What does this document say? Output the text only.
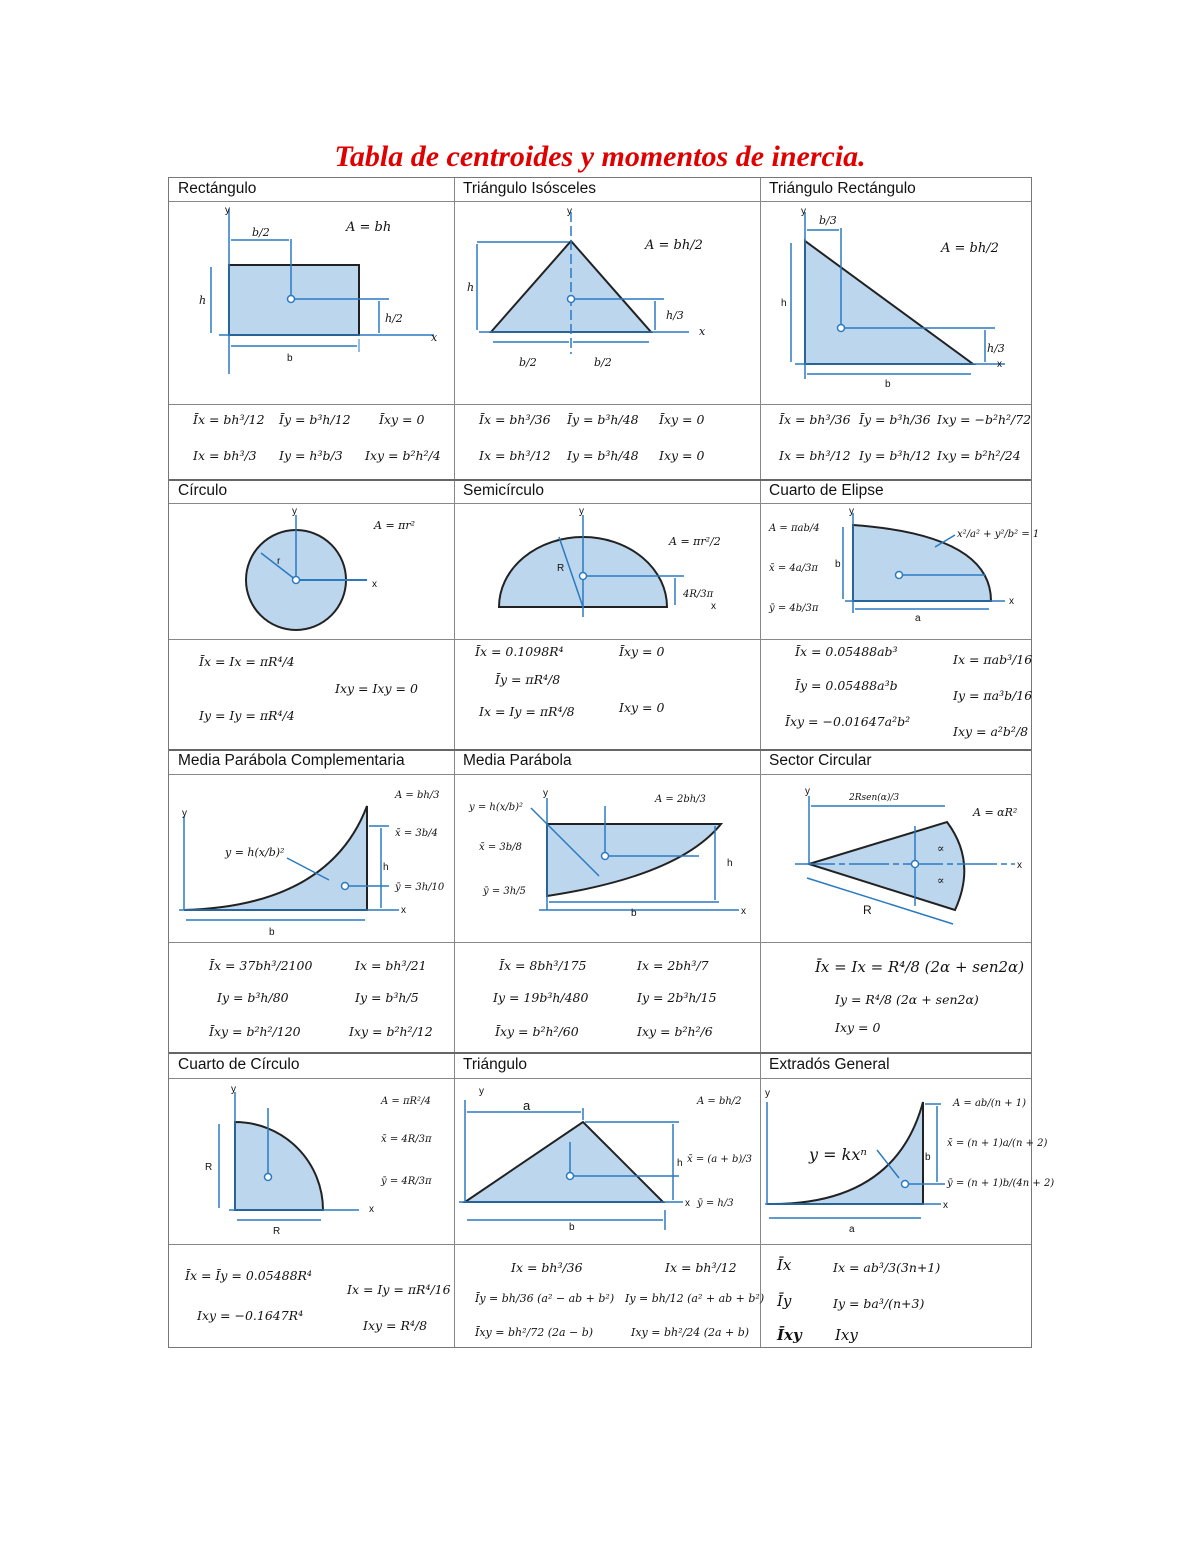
Tabla de centroides y momentos de inercia.
Rectángulo	Triángulo Isósceles	Triángulo Rectángulo
y
x
A = bh
b/2
h
h/2
b
y
x
A = bh/2
h
h/3
b/2	b/2
y
x
A = bh/2
b/3
h
h/3
b
Īx = bh³/12 Īy = b³h/12 Īxy = 0
Ix = bh³/3 Iy = h³b/3 Ixy = b²h²/4
Īx = bh³/36 Īy = b³h/48 Īxy = 0
Ix = bh³/12 Iy = b³h/48 Ixy = 0
Īx = bh³/36 Īy = b³h/36 Ixy = −b²h²/72
Ix = bh³/12 Iy = b³h/12 Ixy = b²h²/24
Círculo	Semicírculo	Cuarto de Elipse
y
x
r
A = πr²
y
x
R
A = πr²/2
4R/3π
y
x
a
b
A = πab/4
x̄ = 4a/3π
ȳ = 4b/3π
x²/a² + y²/b² = 1
Īx = Ix = πR⁴/4
Ixy = Ixy = 0
Iy = Iy = πR⁴/4
Īx = 0.1098R⁴	Īxy = 0
Īy = πR⁴/8
Ix = Iy = πR⁴/8	Ixy = 0
Īx = 0.05488ab³
Ix = πab³/16
Īy = 0.05488a³b
Iy = πa³b/16
Īxy = −0.01647a²b²
Ixy = a²b²/8
Media Parábola Complementaria	Media Parábola	Sector Circular
y
x
b
h
y = h(x/b)²
A = bh/3
x̄ = 3b/4
ȳ = 3h/10
y
x
b
h
y = h(x/b)²
A = 2bh/3
x̄ = 3b/8
ȳ = 3h/5
y
x
R
A = αR²
2Rsen(α)/3
∝
∝
Īx = 37bh³/2100	Ix = bh³/21
Iy = b³h/80	Iy = b³h/5
Īxy = b²h²/120	Ixy = b²h²/12
Īx = 8bh³/175	Ix = 2bh³/7
Iy = 19b³h/480	Iy = 2b³h/15
Īxy = b²h²/60	Ixy = b²h²/6
Īx = Ix = R⁴/8 (2α + sen2α)
Iy = R⁴/8 (2α + sen2α)
Ixy = 0
Cuarto de Círculo	Triángulo	Extradós General
y
x
R
R
A = πR²/4
x̄ = 4R/3π
ȳ = 4R/3π
y
x
a
b
h
A = bh/2
x̄ = (a + b)/3
ȳ = h/3
y
x
a
b
y = kxⁿ
A = ab/(n + 1)
x̄ = (n + 1)a/(n + 2)
ȳ = (n + 1)b/(4n + 2)
Īx = Īy = 0.05488R⁴
Ix = Iy = πR⁴/16
Ixy = −0.1647R⁴
Ixy = R⁴/8
Ix = bh³/36	Ix = bh³/12
Īy = bh/36 (a² − ab + b²) Iy = bh/12 (a² + ab + b²)
Īxy = bh²/72 (2a − b)	Ixy = bh²/24 (2a + b)
Īx	Ix = ab³/3(3n+1)
Īy	Iy = ba³/(n+3)
Īxy Ixy
